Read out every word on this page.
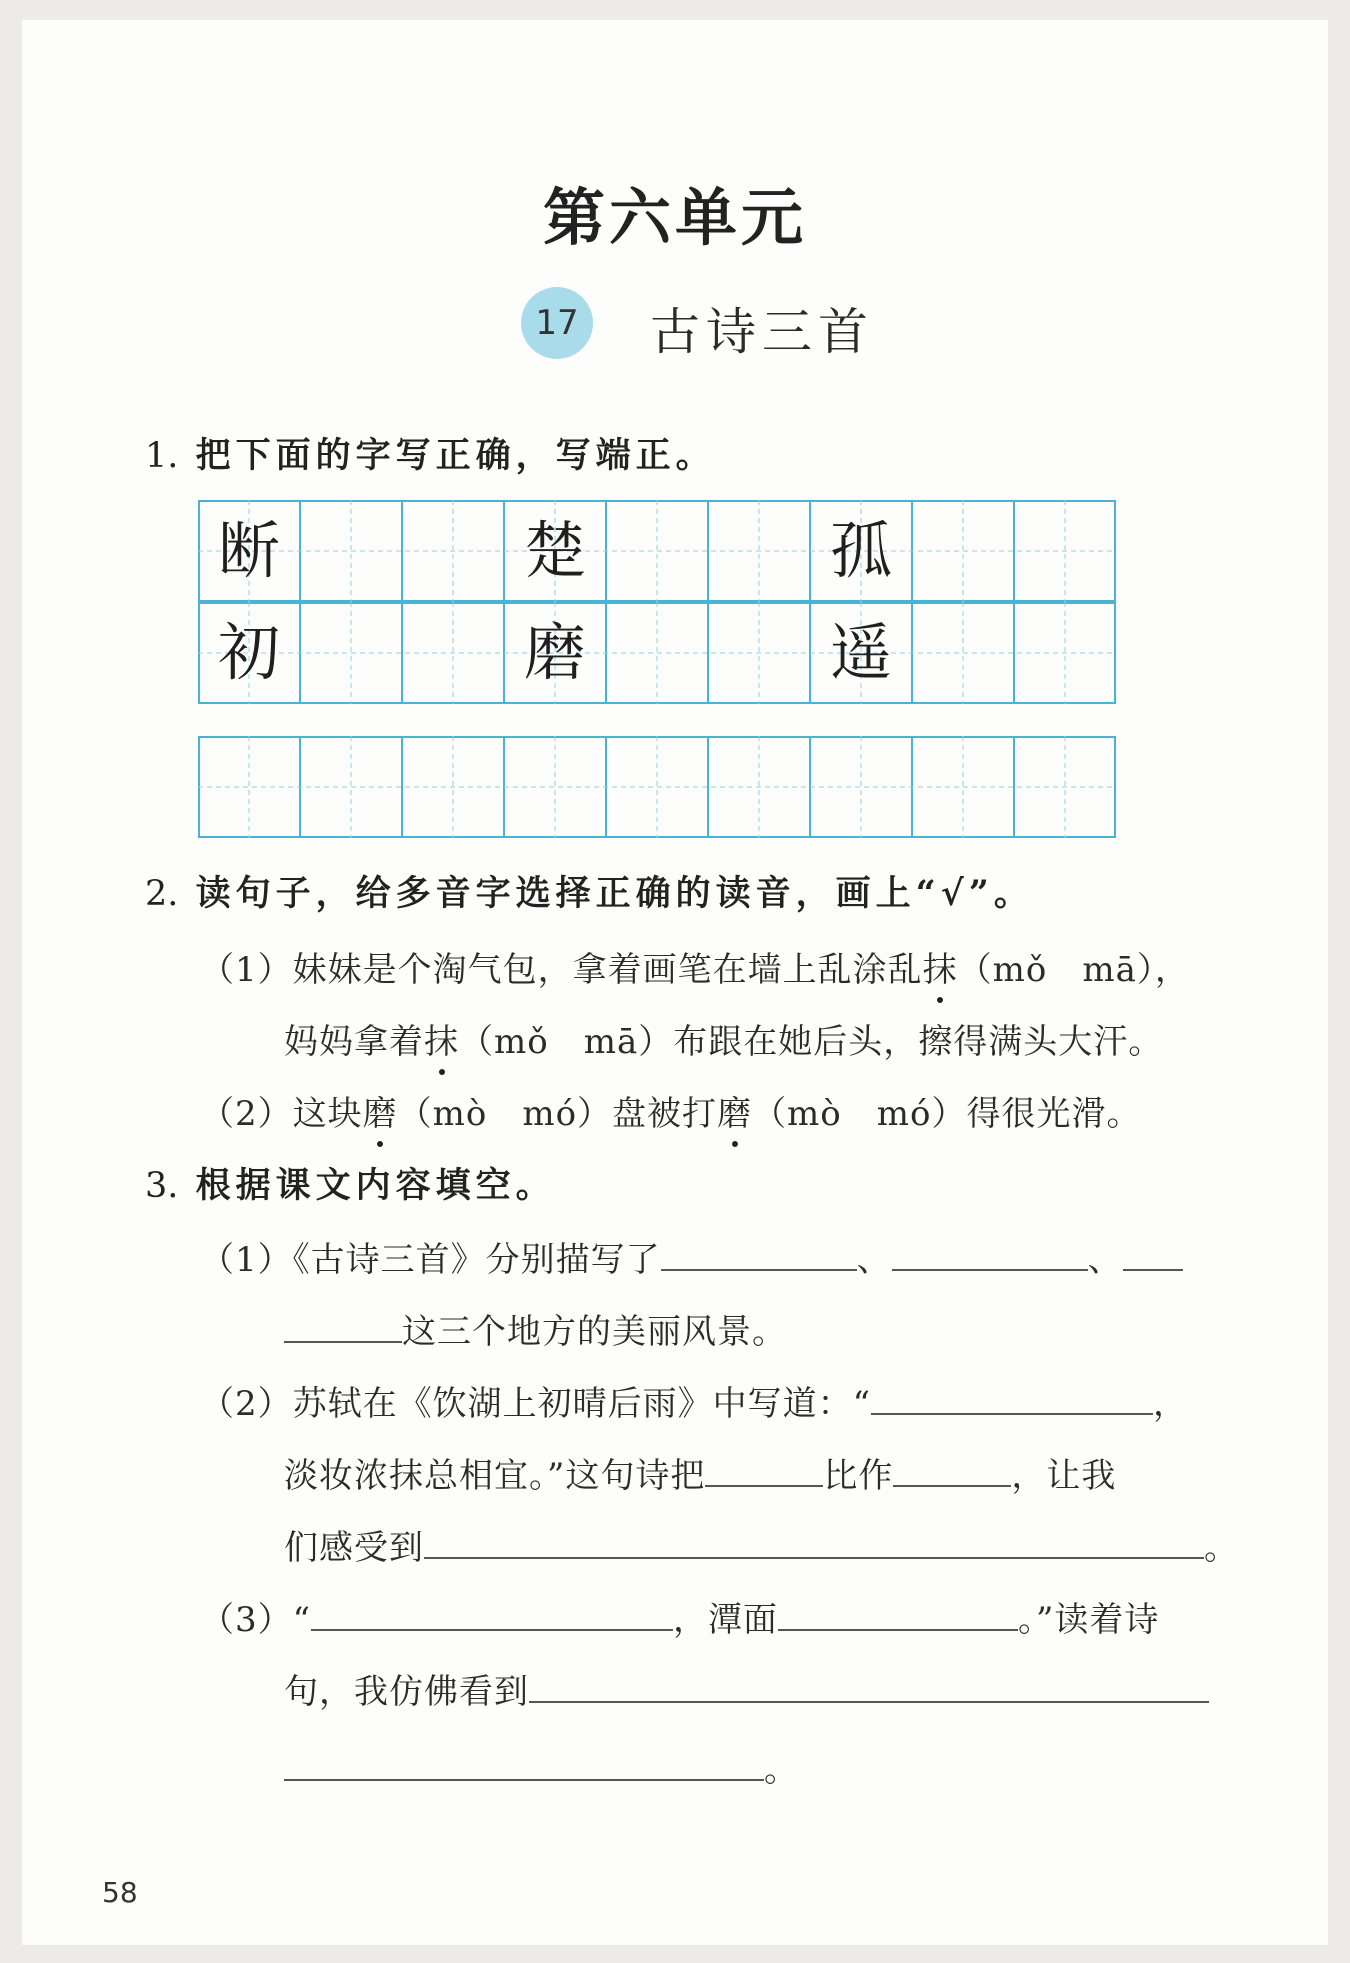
第六单元
17 古诗三首
1. 把下面的字写正确，写端正。
断	楚	孤
初	磨	遥
2. 读句子，给多音字选择正确的读音，画上“√”。
（1）妹妹是个淘气包，拿着画笔在墙上乱涂乱抹（mǒ　mā），
妈妈拿着抹（mǒ　mā）布跟在她后头，擦得满头大汗。
（2）这块磨（mò　mó）盘被打磨（mò　mó）得很光滑。
3. 根据课文内容填空。
（1）《古诗三首》分别描写了	、	、
这三个地方的美丽风景。
（2）苏轼在《饮湖上初晴后雨》中写道：“	，
淡妆浓抹总相宜。”这句诗把	比作	，让我
们感受到	。
（3）“	，潭面	。”读着诗
句，我仿佛看到
。
58
